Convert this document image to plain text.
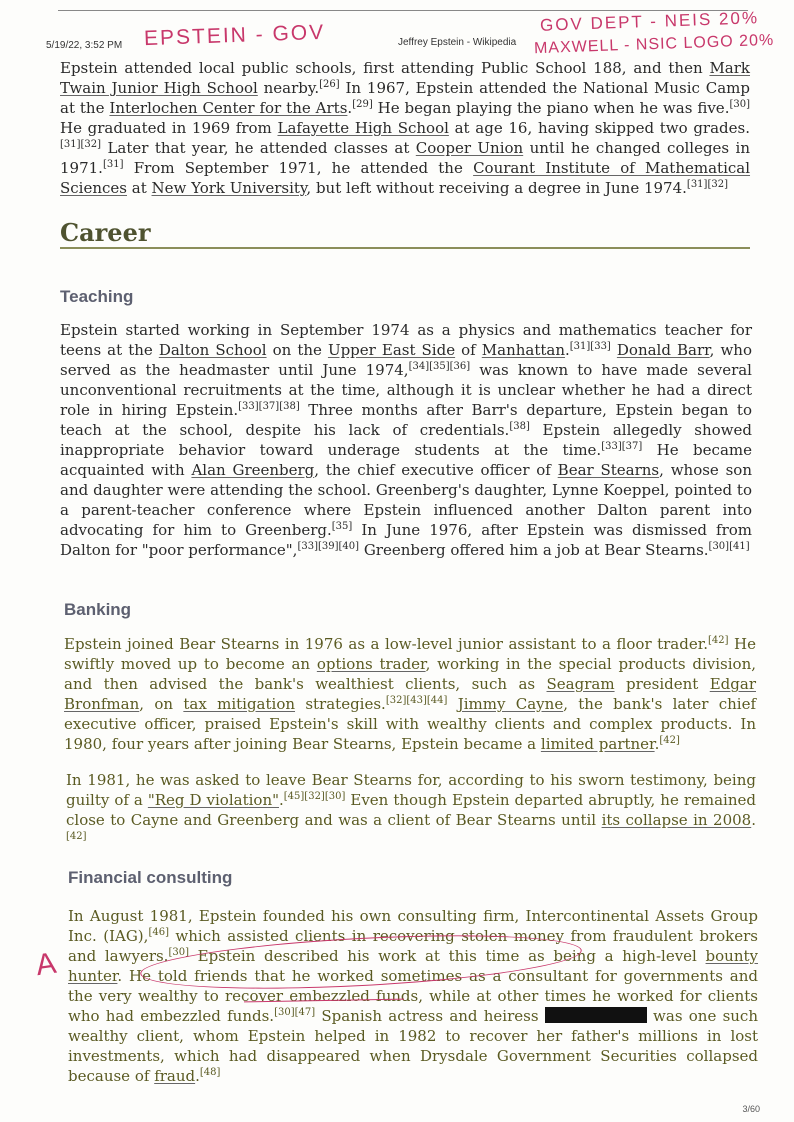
5/19/22, 3:52 PM	Jeffrey Epstein - Wikipedia
EPSTEIN - GOV	GOV DEPT - NEIS 20%
MAXWELL - NSIC LOGO 20%

Epstein attended local public schools, first attending Public School 188, and then Mark Twain Junior High School nearby.[26] In 1967, Epstein attended the National Music Camp at the Interlochen Center for the Arts.[29] He began playing the piano when he was five.[30] He graduated in 1969 from Lafayette High School at age 16, having skipped two grades.[31][32] Later that year, he attended classes at Cooper Union until he changed colleges in 1971.[31] From September 1971, he attended the Courant Institute of Mathematical Sciences at New York University, but left without receiving a degree in June 1974.[31][32]

Career
Teaching

Epstein started working in September 1974 as a physics and mathematics teacher for teens at the Dalton School on the Upper East Side of Manhattan.[31][33] Donald Barr, who served as the headmaster until June 1974,[34][35][36] was known to have made several unconventional recruitments at the time, although it is unclear whether he had a direct role in hiring Epstein.[33][37][38] Three months after Barr's departure, Epstein began to teach at the school, despite his lack of credentials.[38] Epstein allegedly showed inappropriate behavior toward underage students at the time.[33][37] He became acquainted with Alan Greenberg, the chief executive officer of Bear Stearns, whose son and daughter were attending the school. Greenberg's daughter, Lynne Koeppel, pointed to a parent-teacher conference where Epstein influenced another Dalton parent into advocating for him to Greenberg.[35] In June 1976, after Epstein was dismissed from Dalton for "poor performance",[33][39][40] Greenberg offered him a job at Bear Stearns.[30][41]

Banking

Epstein joined Bear Stearns in 1976 as a low-level junior assistant to a floor trader.[42] He swiftly moved up to become an options trader, working in the special products division, and then advised the bank's wealthiest clients, such as Seagram president Edgar Bronfman, on tax mitigation strategies.[32][43][44] Jimmy Cayne, the bank's later chief executive officer, praised Epstein's skill with wealthy clients and complex products. In 1980, four years after joining Bear Stearns, Epstein became a limited partner.[42]

In 1981, he was asked to leave Bear Stearns for, according to his sworn testimony, being guilty of a "Reg D violation".[45][32][30] Even though Epstein departed abruptly, he remained close to Cayne and Greenberg and was a client of Bear Stearns until its collapse in 2008.[42]

Financial consulting

In August 1981, Epstein founded his own consulting firm, Intercontinental Assets Group Inc. (IAG),[46] which assisted clients in recovering stolen money from fraudulent brokers and lawyers.[30] Epstein described his work at this time as being a high-level bounty hunter. He told friends that he worked sometimes as a consultant for governments and the very wealthy to recover embezzled funds, while at other times he worked for clients who had embezzled funds.[30][47] Spanish actress and heiress	was one such wealthy client, whom Epstein helped in 1982 to recover her father's millions in lost investments, which had disappeared when Drysdale Government Securities collapsed because of fraud.[48]

A
3/60
